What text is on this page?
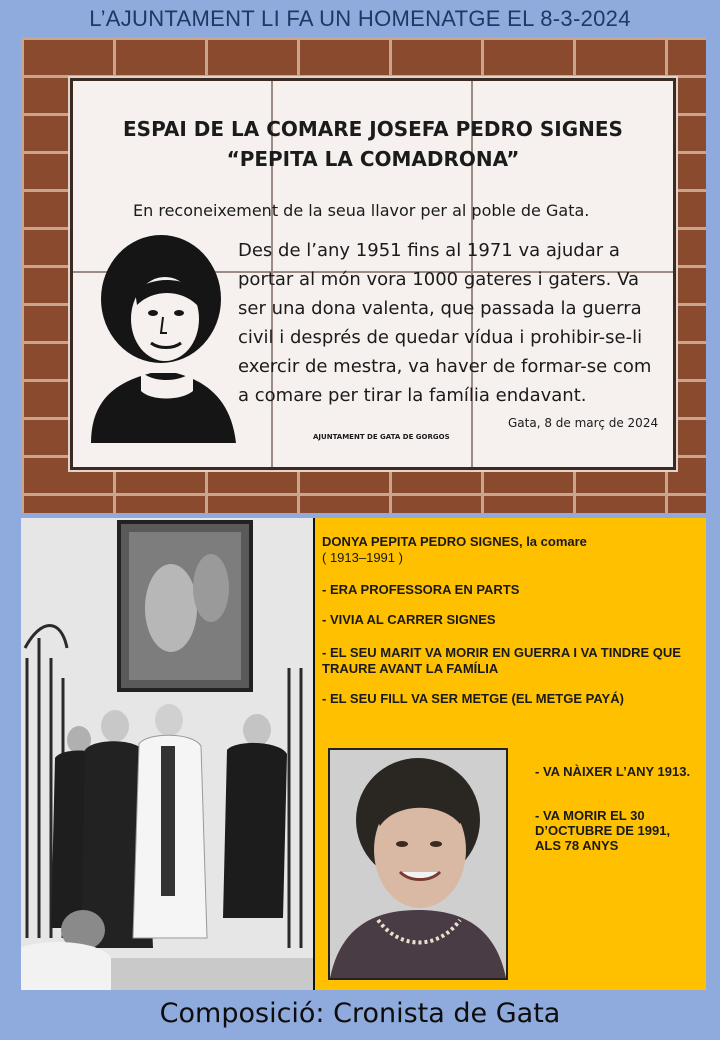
L’AJUNTAMENT LI FA UN HOMENATGE EL 8-3-2024
ESPAI DE LA COMARE JOSEFA PEDRO SIGNES
“PEPITA LA COMADRONA”
En reconeixement de la seua llavor per al poble de Gata.
Des de l’any 1951 fins al 1971 va ajudar a portar al món vora 1000 gateres i gaters. Va ser una dona valenta, que passada la guerra civil i després de quedar vídua i prohibir-se-li exercir de mestra, va haver de formar-se com a comare per tirar la família endavant.
Gata, 8 de març de 2024
AJUNTAMENT DE GATA DE GORGOS
DONYA PEPITA PEDRO SIGNES, la comare
( 1913–1991 )
- ERA PROFESSORA EN PARTS
- VIVIA AL CARRER SIGNES
- EL SEU MARIT VA MORIR EN GUERRA I VA TINDRE QUE TRAURE AVANT LA FAMÍLIA
- EL SEU FILL VA SER METGE (EL METGE PAYÁ)
- VA NÀIXER L’ANY 1913.
- VA MORIR EL 30 D’OCTUBRE DE 1991, ALS 78 ANYS
Composició: Cronista de Gata
